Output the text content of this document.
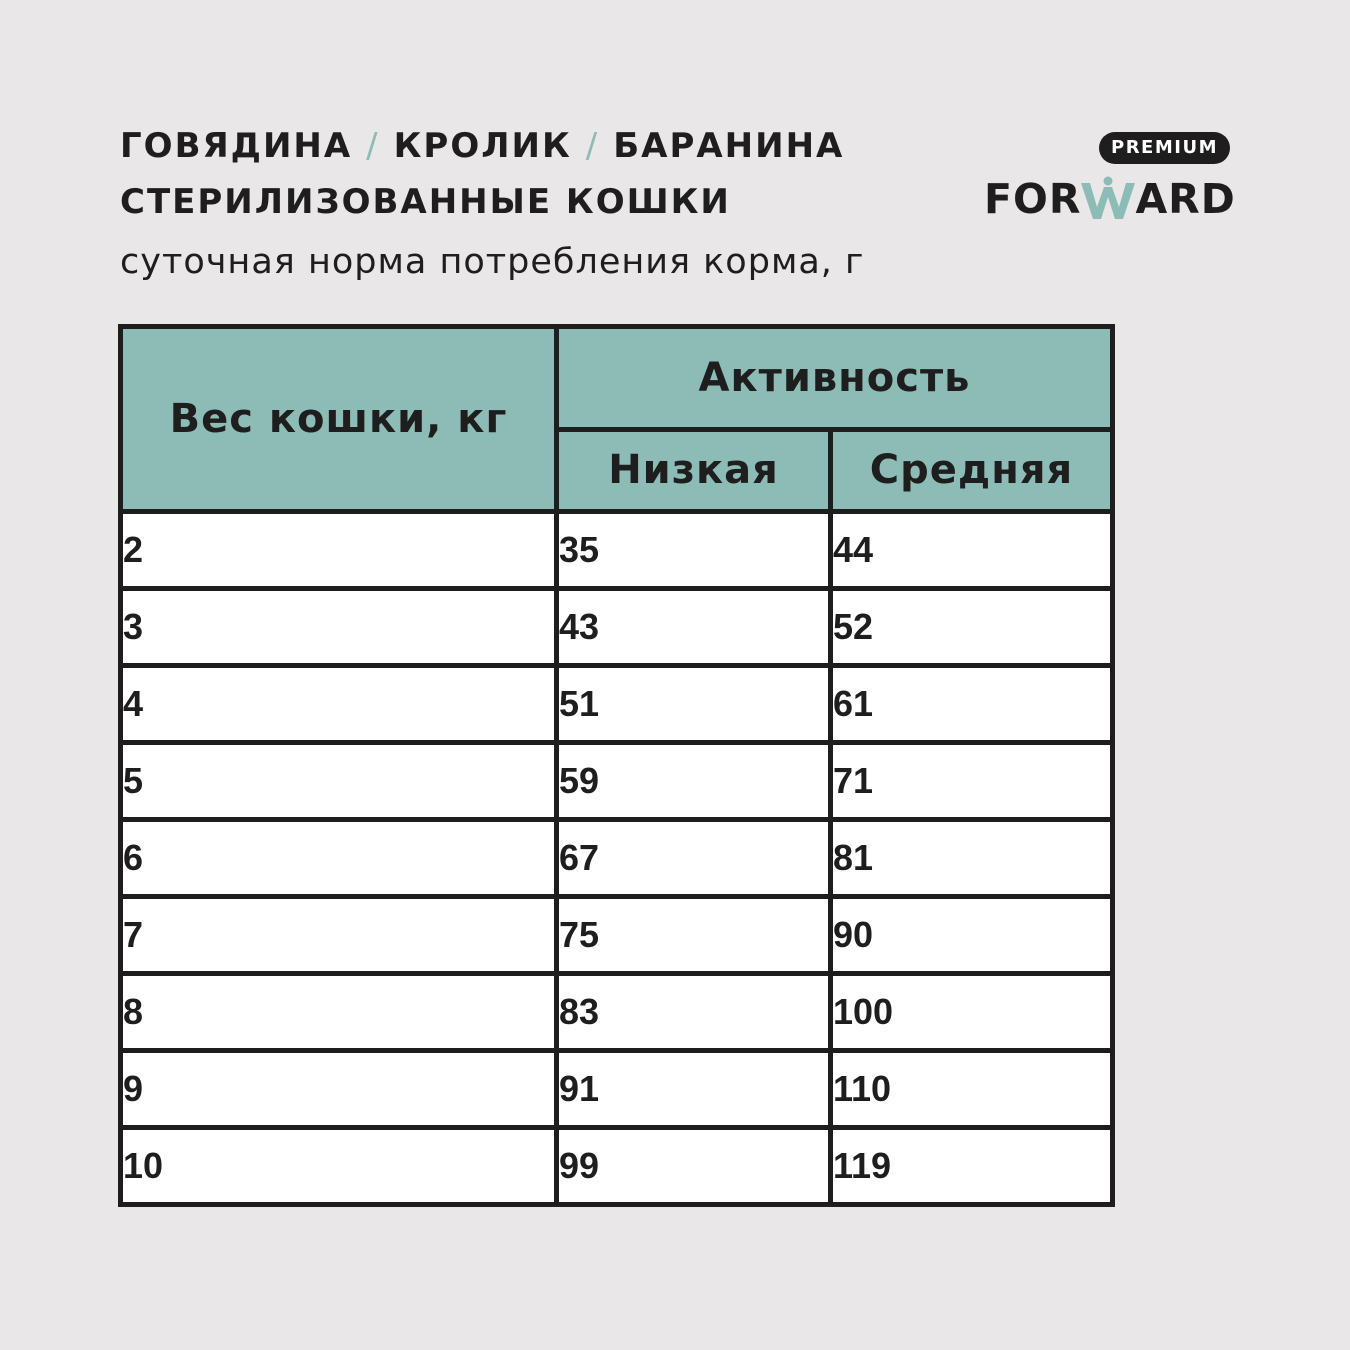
ГОВЯДИНА / КРОЛИК / БАРАНИНА
СТЕРИЛИЗОВАННЫЕ КОШКИ
суточная норма потребления корма, г
PREMIUM
FOR ARD
Вес кошки, кг	Активность	
	Низкая	Средняя
2	35	44
3	43	52
4	51	61
5	59	71
6	67	81
7	75	90
8	83	100
9	91	110
10	99	119
